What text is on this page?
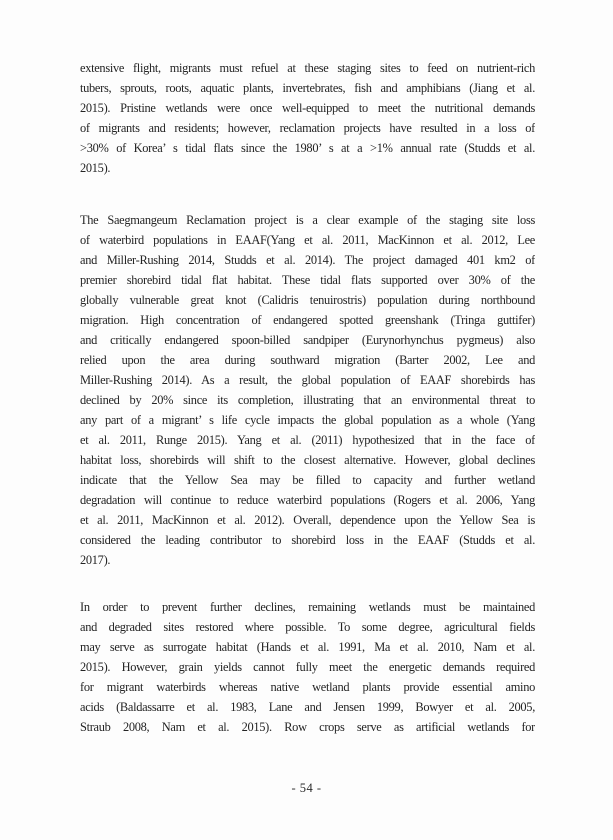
extensive flight, migrants must refuel at these staging sites to feed on nutrient-rich
tubers, sprouts, roots, aquatic plants, invertebrates, fish and amphibians (Jiang et al.
2015). Pristine wetlands were once well-equipped to meet the nutritional demands
of migrants and residents; however, reclamation projects have resulted in a loss of
>30% of Korea’ s tidal flats since the 1980’ s at a >1% annual rate (Studds et al.
2015).
The Saegmangeum Reclamation project is a clear example of the staging site loss
of waterbird populations in EAAF(Yang et al. 2011, MacKinnon et al. 2012, Lee
and Miller-Rushing 2014, Studds et al. 2014). The project damaged 401 km2 of
premier shorebird tidal flat habitat. These tidal flats supported over 30% of the
globally vulnerable great knot (Calidris tenuirostris) population during northbound
migration. High concentration of endangered spotted greenshank (Tringa guttifer)
and critically endangered spoon-billed sandpiper (Eurynorhynchus pygmeus) also
relied upon the area during southward migration (Barter 2002, Lee and
Miller-Rushing 2014). As a result, the global population of EAAF shorebirds has
declined by 20% since its completion, illustrating that an environmental threat to
any part of a migrant’ s life cycle impacts the global population as a whole (Yang
et al. 2011, Runge 2015). Yang et al. (2011) hypothesized that in the face of
habitat loss, shorebirds will shift to the closest alternative. However, global declines
indicate that the Yellow Sea may be filled to capacity and further wetland
degradation will continue to reduce waterbird populations (Rogers et al. 2006, Yang
et al. 2011, MacKinnon et al. 2012). Overall, dependence upon the Yellow Sea is
considered the leading contributor to shorebird loss in the EAAF (Studds et al.
2017).
In order to prevent further declines, remaining wetlands must be maintained
and degraded sites restored where possible. To some degree, agricultural fields
may serve as surrogate habitat (Hands et al. 1991, Ma et al. 2010, Nam et al.
2015). However, grain yields cannot fully meet the energetic demands required
for migrant waterbirds whereas native wetland plants provide essential amino
acids (Baldassarre et al. 1983, Lane and Jensen 1999, Bowyer et al. 2005,
Straub 2008, Nam et al. 2015). Row crops serve as artificial wetlands for
- 54 -
